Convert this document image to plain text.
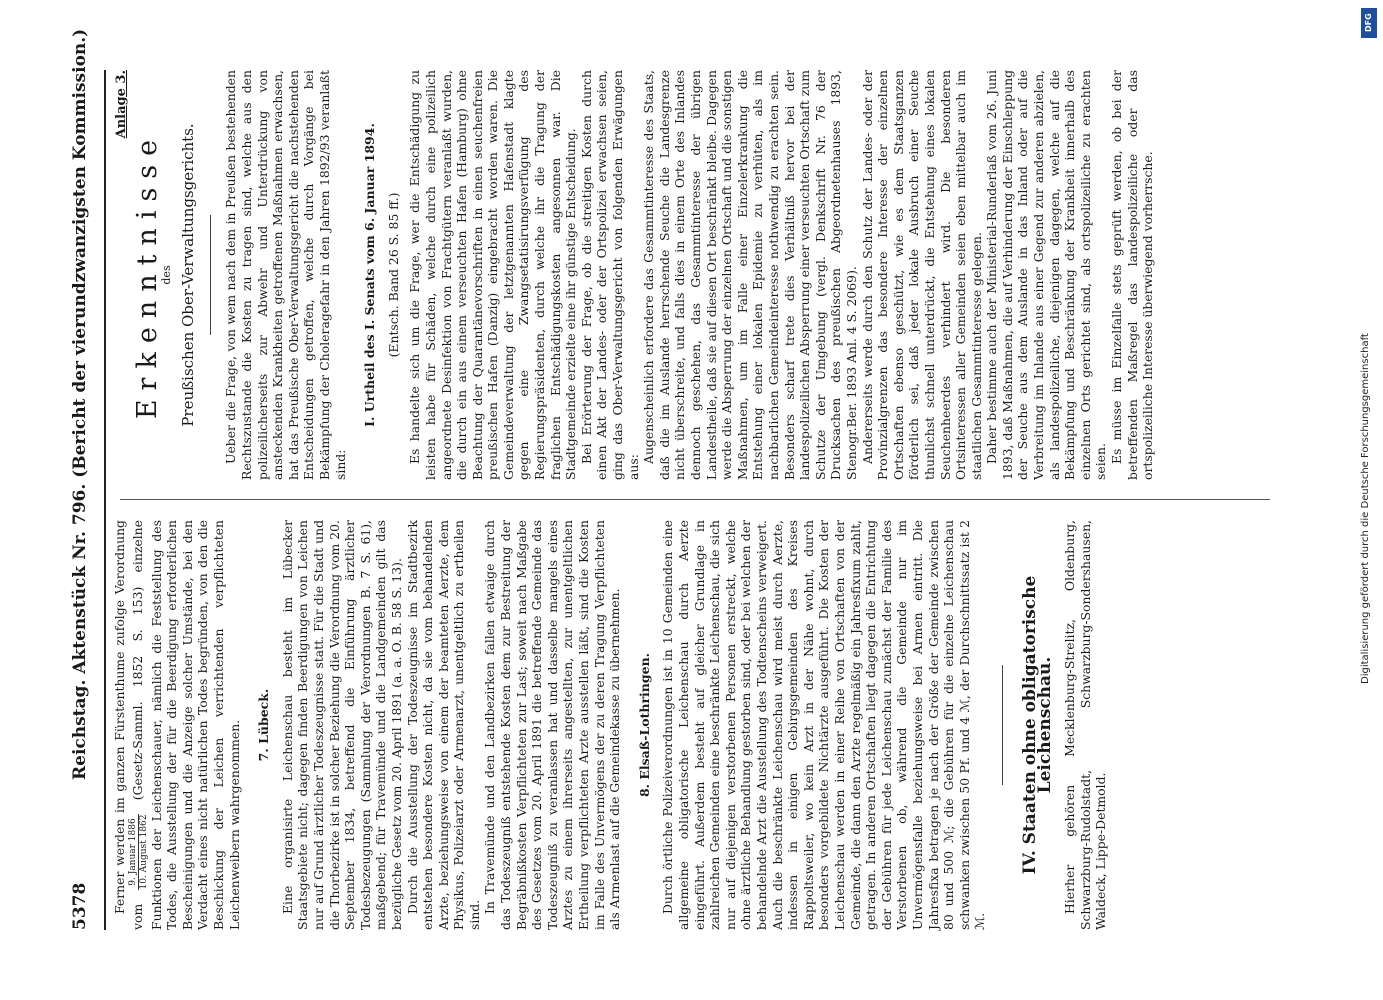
5378
Reichstag. Aktenstück Nr. 796. (Bericht der vierundzwanzigsten Kommission.) Ferner werden im ganzen Fürstenthume zufolge Verordnung vom
9. Januar 1886 10. August 1862
(Gesetz-Samml. 1852 S. 153) einzelne Funktionen der Leichenschauer, nämlich die Feststellung des Todes, die Ausstellung der für die Beerdigung erforderlichen Bescheinigungen und die Anzeige solcher Umstände, bei den Verdacht eines nicht natürlichen Todes begründen, von den die Beschickung der Leichen verrichtenden verpflichteten Leichenweibern wahrgenommen. 7. Lübeck. Eine organisirte Leichenschau besteht im Lübecker Staatsgebiete nicht; dagegen finden Beerdigungen von Leichen nur auf Grund ärztlicher Todeszeugnisse statt. Für die Stadt und die Thorbezirke ist in solcher Beziehung die Verordnung vom 20. September 1834, betreffend die Einführung ärztlicher Todesbezeugungen (Sammlung der Verordnungen B. 7 S. 61), maßgebend; für Travemünde und die Landgemeinden gilt das bezügliche Gesetz vom 20. April 1891 (a. a. O. B. 58 S. 13). Durch die Ausstellung der Todeszeugnisse im Stadtbezirk entstehen besondere Kosten nicht, da sie vom behandelnden Arzte, beziehungsweise von einem der beamteten Aerzte, dem Physikus, Polizeiarzt oder Armenarzt, unentgeltlich zu ertheilen sind.

In Travemünde und den Landbezirken fallen etwaige durch das Todeszeugniß entstehende Kosten dem zur Bestreitung der Begräbnißkosten Verpflichteten zur Last; soweit nach Maßgabe des Gesetzes vom 20. April 1891 die betreffende Gemeinde das Todeszeugniß zu veranlassen hat und dasselbe mangels eines Arztes zu einem ihrerseits angestellten, zur unentgeltlichen Ertheilung verpflichteten Arzte ausstellen läßt, sind die Kosten im Falle des Unvermögens der zu deren Tragung Verpflichteten als Armenlast auf die Gemeindekasse zu übernehmen. 8. Elsaß-Lothringen. Durch örtliche Polizeiverordnungen ist in 10 Gemeinden eine allgemeine obligatorische Leichenschau durch Aerzte eingeführt. Außerdem besteht auf gleicher Grundlage in zahlreichen Gemeinden eine beschränkte Leichenschau, die sich nur auf diejenigen verstorbenen Personen erstreckt, welche ohne ärztliche Behandlung gestorben sind, oder bei welchen der behandelnde Arzt die Ausstellung des Todtenscheins verweigert. Auch die beschränkte Leichenschau wird meist durch Aerzte, indessen in einigen Gebirgsgemeinden des Kreises Rappoltsweiler, wo kein Arzt in der Nähe wohnt, durch besonders vorgebildete Nichtärzte ausgeführt. Die Kosten der Leichenschau werden in einer Reihe von Ortschaften von der Gemeinde, die dann den Arzte regelmäßig ein Jahresfixum zahlt, getragen. In anderen Ortschaften liegt dagegen die Entrichtung der Gebühren für jede Leichenschau zunächst der Familie des Verstorbenen ob, während die Gemeinde nur im Unvermögensfalle beziehungsweise bei Armen eintritt. Die Jahresfixa betragen je nach der Größe der Gemeinde zwischen 80 und 500 ℳ; die Gebühren für die einzelne Leichenschau schwanken zwischen 50 Pf. und 4 ℳ, der Durchschnittssatz ist 2 ℳ.

IV. Staaten ohne obligatorische Leichenschau. Hierher gehören Mecklenburg-Strelitz, Oldenburg, Schwarzburg-Rudolstadt, Schwarzburg-Sondershausen, Waldeck, Lippe-Detmold.

Anlage 3.
Erkenntnisse
des Preußischen Ober-Verwaltungsgerichts. Ueber die Frage, von wem nach dem in Preußen bestehenden Rechtszustande die Kosten zu tragen sind, welche aus den polizeilicherseits zur Abwehr und Unterdrückung von ansteckenden Krankheiten getroffenen Maßnahmen erwachsen, hat das Preußische Ober-Verwaltungsgericht die nachstehenden Entscheidungen getroffen, welche durch Vorgänge bei Bekämpfung der Choleragefahr in den Jahren 1892/93 veranlaßt sind:

I. Urtheil des I. Senats vom 6. Januar 1894. (Entsch. Band 26 S. 85 ff.) Es handelte sich um die Frage, wer die Entschädigung zu leisten habe für Schäden, welche durch eine polizeilich angeordnete Desinfektion von Frachtgütern veranlaßt wurden, die durch ein aus einem verseuchten Hafen (Hamburg) ohne Beachtung der Quarantänevorschriften in einen seuchenfreien preußischen Hafen (Danzig) eingebracht worden waren. Die Gemeindeverwaltung der letztgenannten Hafenstadt klagte gegen eine Zwangsetatisirungsverfügung des Regierungspräsidenten, durch welche ihr die Tragung der fraglichen Entschädigungskosten angesonnen war. Die Stadtgemeinde erzielte eine ihr günstige Entscheidung. Bei Erörterung der Frage, ob die streitigen Kosten durch einen Akt der Landes- oder der Ortspolizei erwachsen seien, ging das Ober-Verwaltungsgericht von folgenden Erwägungen aus:

Augenscheinlich erfordere das Gesammtinteresse des Staats, daß die im Auslande herrschende Seuche die Landesgrenze nicht überschreite, und falls dies in einem Orte des Inlandes dennoch geschehen, das Gesammtinteresse der übrigen Landestheile, daß sie auf diesen Ort beschränkt bleibe. Dagegen werde die Absperrung der einzelnen Ortschaft und die sonstigen Maßnahmen, um im Falle einer Einzelerkrankung die Entstehung einer lokalen Epidemie zu verhüten, als im nachbarlichen Gemeindeinteresse nothwendig zu erachten sein. Besonders scharf trete dies Verhältniß hervor bei der landespolizeilichen Absperrung einer verseuchten Ortschaft zum Schutze der Umgebung (vergl. Denkschrift Nr. 76 der Drucksachen des preußischen Abgeordnetenhauses 1893, Stenogr.Ber. 1893 Anl. 4 S. 2069). Andererseits werde durch den Schutz der Landes- oder der Provinzialgrenzen das besondere Interesse der einzelnen Ortschaften ebenso geschützt, wie es dem Staatsganzen förderlich sei, daß jeder lokale Ausbruch einer Seuche thunlichst schnell unterdrückt, die Entstehung eines lokalen Seuchenheerdes verhindert wird. Die besonderen Ortsinteressen aller Gemeinden seien eben mittelbar auch im staatlichen Gesammtinteresse gelegen. Daher bestimme auch der Ministerial-Runderlaß vom 26. Juni 1893, daß Maßnahmen, die auf Verhinderung der Einschleppung der Seuche aus dem Auslande in das Inland oder auf die Verbreitung im Inlande aus einer Gegend zur anderen abzielen, als landespolizeiliche, diejenigen dagegen, welche auf die Bekämpfung und Beschränkung der Krankheit innerhalb des einzelnen Orts gerichtet sind, als ortspolizeiliche zu erachten seien. Es müsse im Einzelfalle stets geprüft werden, ob bei der betreffenden Maßregel das landespolizeiliche oder das ortspolizeiliche Interesse überwiegend vorherrsche.

DFG
Digitalisierung gefördert durch die Deutsche Forschungsgemeinschaft
